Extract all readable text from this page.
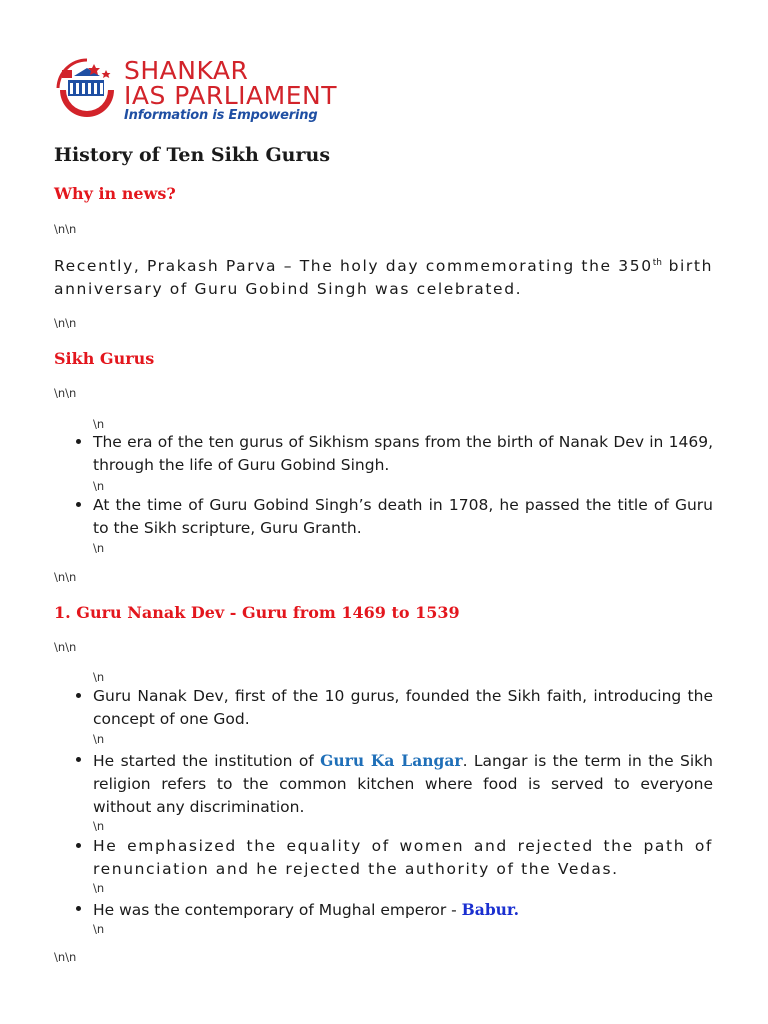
SHANKAR
IAS PARLIAMENT
Information is Empowering
History of Ten Sikh Gurus
Why in news?
\n\n

Recently, Prakash Parva – The holy day commemorating the 350th birth anniversary of Guru Gobind Singh was celebrated.

\n\n
Sikh Gurus
\n\n
\n
The era of the ten gurus of Sikhism spans from the birth of Nanak Dev in 1469, through the life of Guru Gobind Singh.
\n
At the time of Guru Gobind Singh’s death in 1708, he passed the title of Guru to the Sikh scripture, Guru Granth.
\n
\n\n
1. Guru Nanak Dev - Guru from 1469 to 1539
\n\n
\n
Guru Nanak Dev, first of the 10 gurus, founded the Sikh faith, introducing the concept of one God.
\n
He started the institution of Guru Ka Langar. Langar is the term in the Sikh religion refers to the common kitchen where food is served to everyone without any discrimination.
\n
He emphasized the equality of women and rejected the path of renunciation and he rejected the authority of the Vedas.
\n
He was the contemporary of Mughal emperor - Babur.
\n
\n\n
